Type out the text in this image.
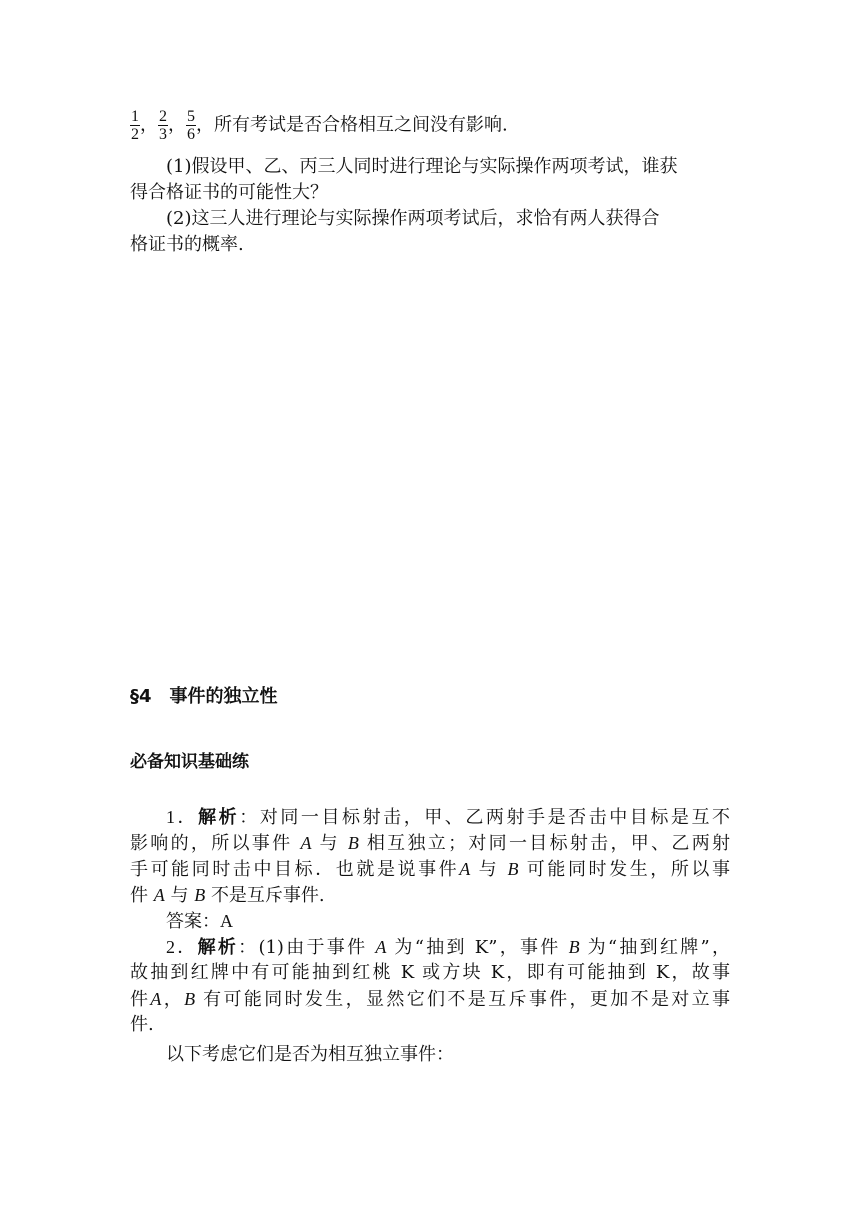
$\frac{1}{2}$ ， $\frac{2}{3}$ ， $\frac{5}{6}$ ，所有考试是否合格相互之间没有影响.
(1)假设甲、乙、丙三人同时进行理论与实际操作两项考试，谁获
得合格证书的可能性大？
(2)这三人进行理论与实际操作两项考试后，求恰有两人获得合
格证书的概率.
§4　事件的独立性
必备知识基础练
1．解析：对同一目标射击，甲、乙两射手是否击中目标是互不
影响的，所以事件 A 与 B 相互独立；对同一目标射击，甲、乙两射
手可能同时击中目标．也就是说事件A 与 B 可能同时发生，所以事
件 A 与 B 不是互斥事件.
答案：A
2．解析：(1)由于事件 A 为“抽到 K”，事件 B 为“抽到红牌”，
故抽到红牌中有可能抽到红桃 K 或方块 K，即有可能抽到 K，故事
件A，B 有可能同时发生，显然它们不是互斥事件，更加不是对立事
件.
以下考虑它们是否为相互独立事件：
